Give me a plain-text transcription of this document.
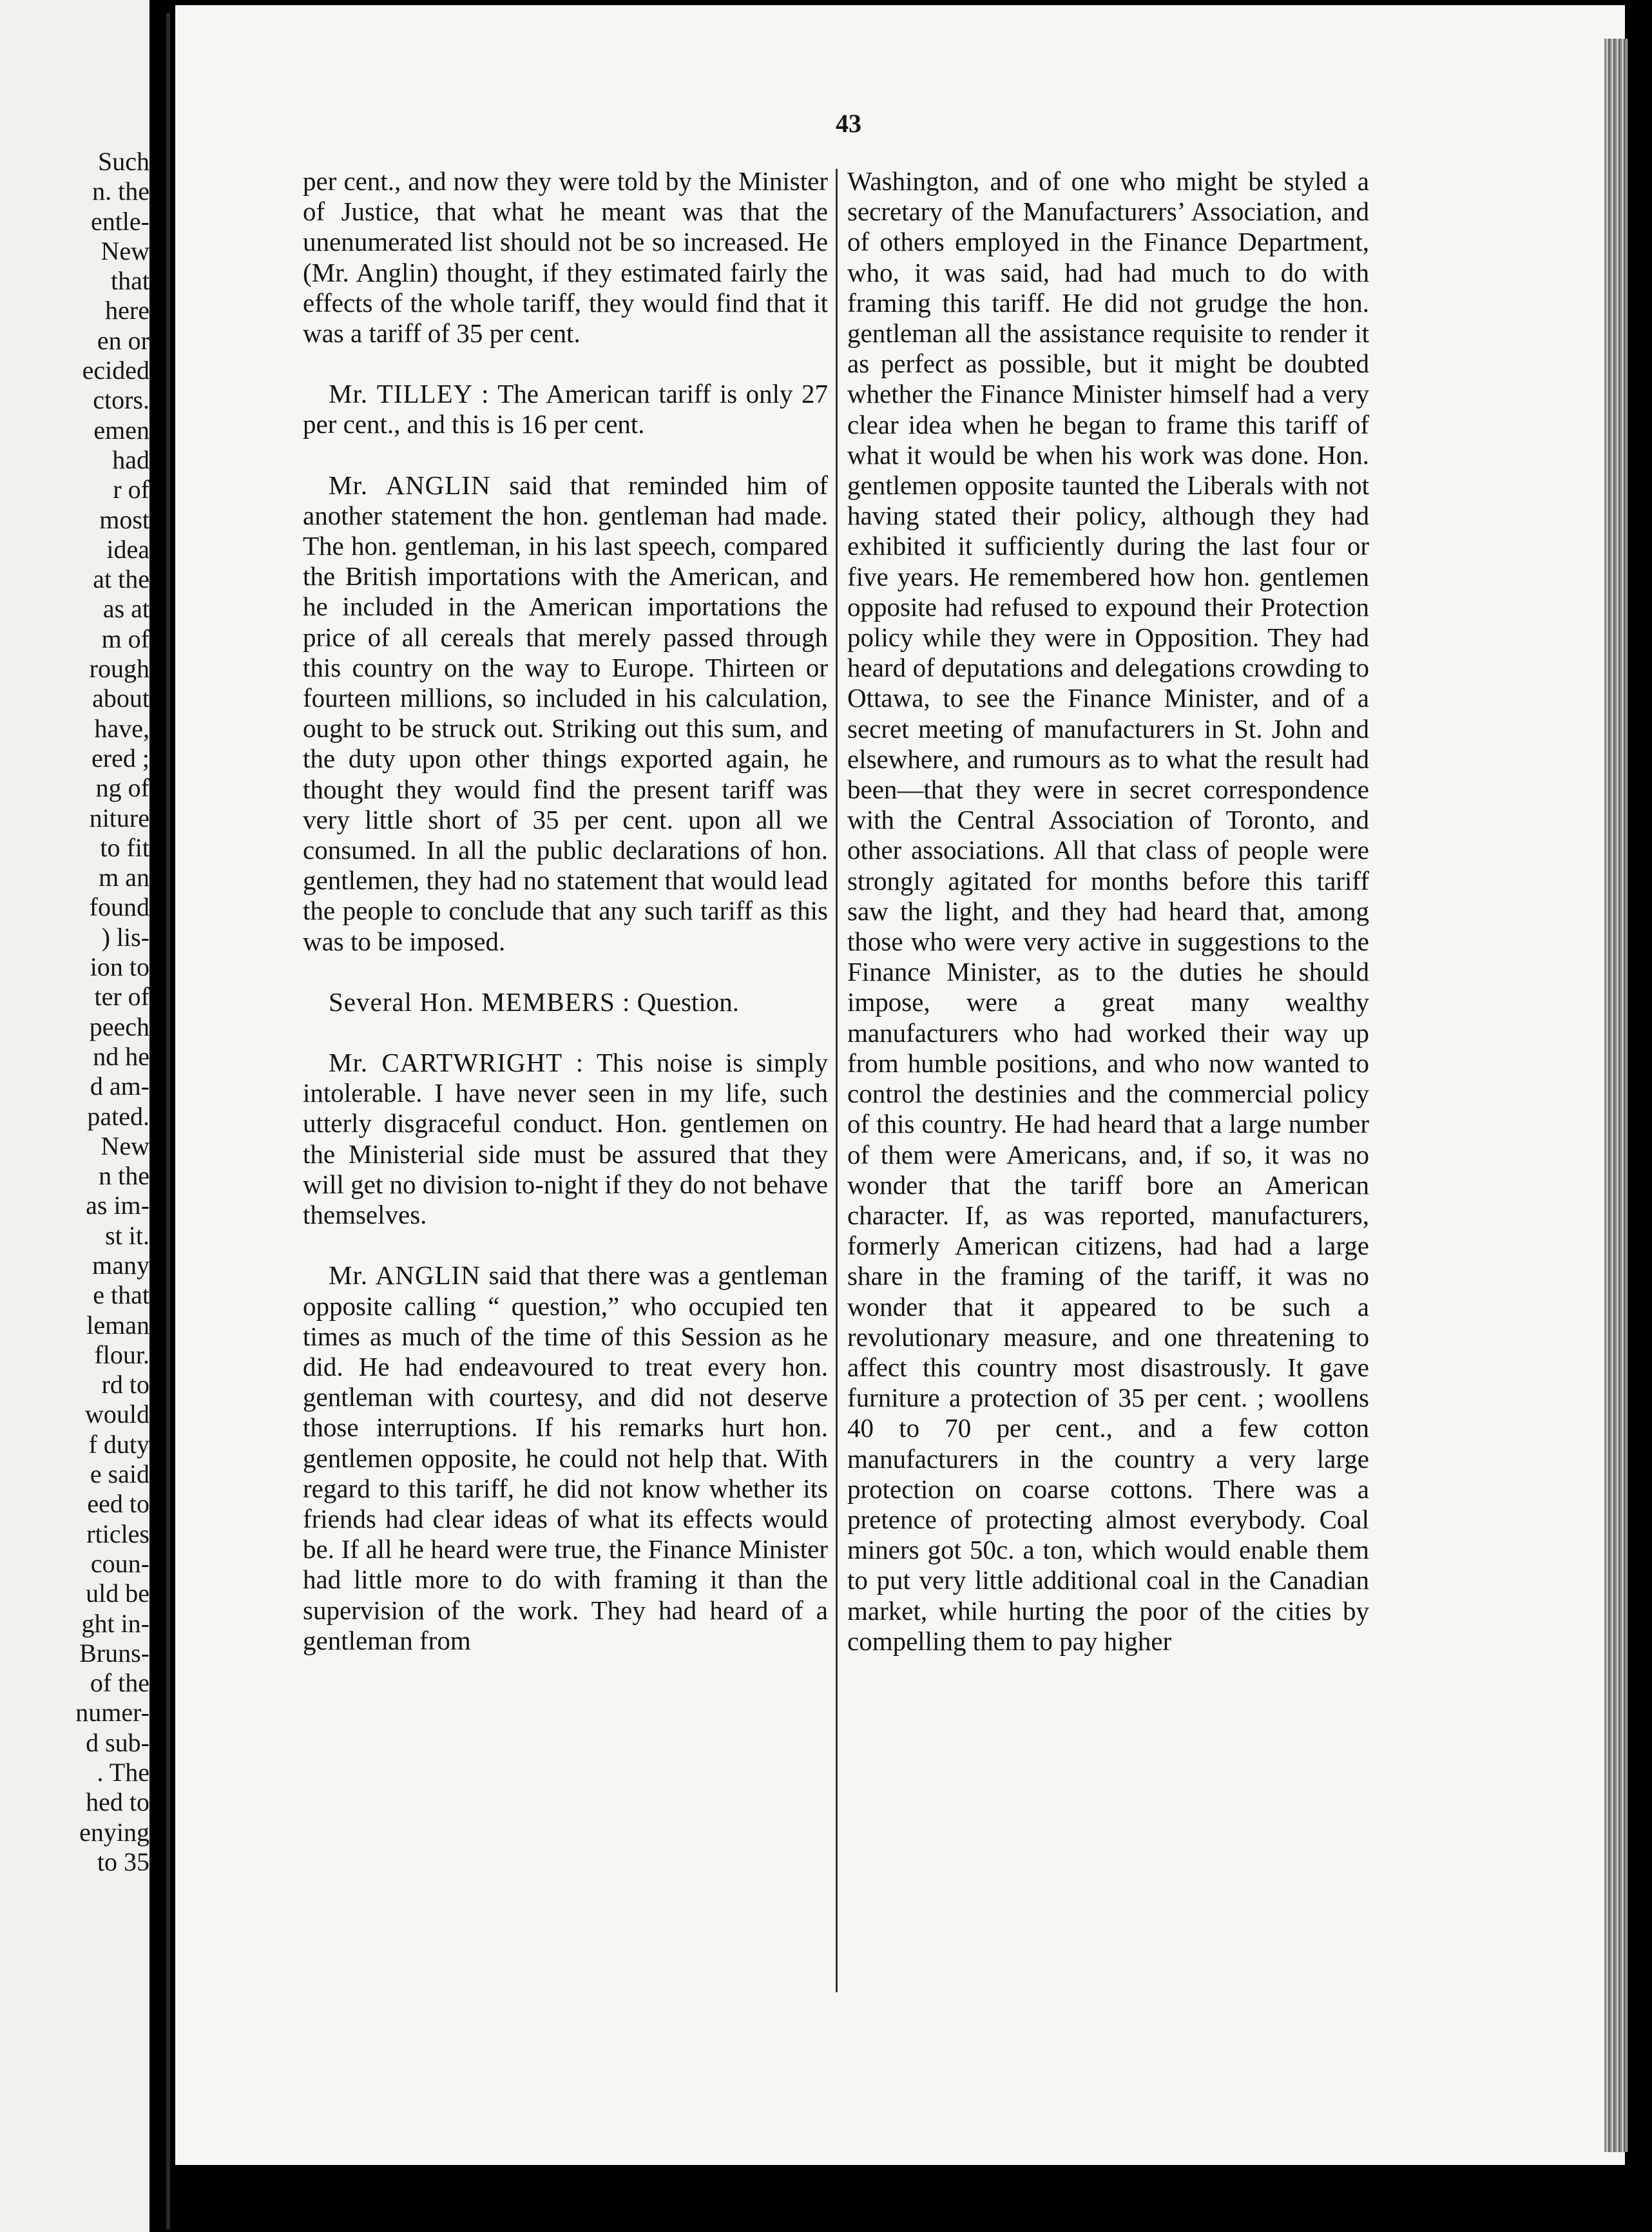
Such
n. the
entle-
New
that
here
en or
ecided
ctors.
emen
had
r of
most
idea
at the
as at
m of
rough
about
have,
ered ;
ng of
niture
to fit
m an
found
) lis-
ion to
ter of
peech
nd he
d am-
pated.
New
n the
as im-
st it.
many
e that
leman
flour.
rd to
would
f duty
e said
eed to
rticles
coun-
uld be
ght in-
Bruns-
of the
numer-
d sub-
. The
hed to
enying
to 35
43

per cent., and now they were told by the Minister of Justice, that what he meant was that the unenumerated list should not be so increased. He (Mr. Anglin) thought, if they estimated fairly the effects of the whole tariff, they would find that it was a tariff of 35 per cent.

Mr. TILLEY : The American tariff is only 27 per cent., and this is 16 per cent.

Mr. ANGLIN said that reminded him of another statement the hon. gentleman had made. The hon. gentleman, in his last speech, compared the British importations with the American, and he included in the American importations the price of all cereals that merely passed through this country on the way to Europe. Thirteen or fourteen millions, so included in his calculation, ought to be struck out. Striking out this sum, and the duty upon other things exported again, he thought they would find the present tariff was very little short of 35 per cent. upon all we consumed. In all the public declarations of hon. gentlemen, they had no statement that would lead the people to conclude that any such tariff as this was to be imposed.

Several Hon. MEMBERS : Question.

Mr. CARTWRIGHT : This noise is simply intolerable. I have never seen in my life, such utterly disgraceful conduct. Hon. gentlemen on the Ministerial side must be assured that they will get no division to-night if they do not behave themselves.

Mr. ANGLIN said that there was a gentleman opposite calling “ question,” who occupied ten times as much of the time of this Session as he did. He had endeavoured to treat every hon. gentleman with courtesy, and did not deserve those interruptions. If his remarks hurt hon. gentlemen opposite, he could not help that. With regard to this tariff, he did not know whether its friends had clear ideas of what its effects would be. If all he heard were true, the Finance Minister had little more to do with framing it than the supervision of the work. They had heard of a gentleman from

Washington, and of one who might be styled a secretary of the Manufacturers’ Association, and of others employed in the Finance Department, who, it was said, had had much to do with framing this tariff. He did not grudge the hon. gentleman all the assistance requisite to render it as perfect as possible, but it might be doubted whether the Finance Minister himself had a very clear idea when he began to frame this tariff of what it would be when his work was done. Hon. gentlemen opposite taunted the Liberals with not having stated their policy, although they had exhibited it sufficiently during the last four or five years. He remembered how hon. gentlemen opposite had refused to expound their Protection policy while they were in Opposition. They had heard of deputations and delegations crowding to Ottawa, to see the Finance Minister, and of a secret meeting of manufacturers in St. John and elsewhere, and rumours as to what the result had been—that they were in secret correspondence with the Central Association of Toronto, and other associations. All that class of people were strongly agitated for months before this tariff saw the light, and they had heard that, among those who were very active in suggestions to the Finance Minister, as to the duties he should impose, were a great many wealthy manufacturers who had worked their way up from humble positions, and who now wanted to control the destinies and the commercial policy of this country. He had heard that a large number of them were Americans, and, if so, it was no wonder that the tariff bore an American character. If, as was reported, manufacturers, formerly American citizens, had had a large share in the framing of the tariff, it was no wonder that it appeared to be such a revolutionary measure, and one threatening to affect this country most disastrously. It gave furniture a protection of 35 per cent. ; woollens 40 to 70 per cent., and a few cotton manufacturers in the country a very large protection on coarse cottons. There was a pretence of protecting almost everybody. Coal miners got 50c. a ton, which would enable them to put very little additional coal in the Canadian market, while hurting the poor of the cities by compelling them to pay higher
